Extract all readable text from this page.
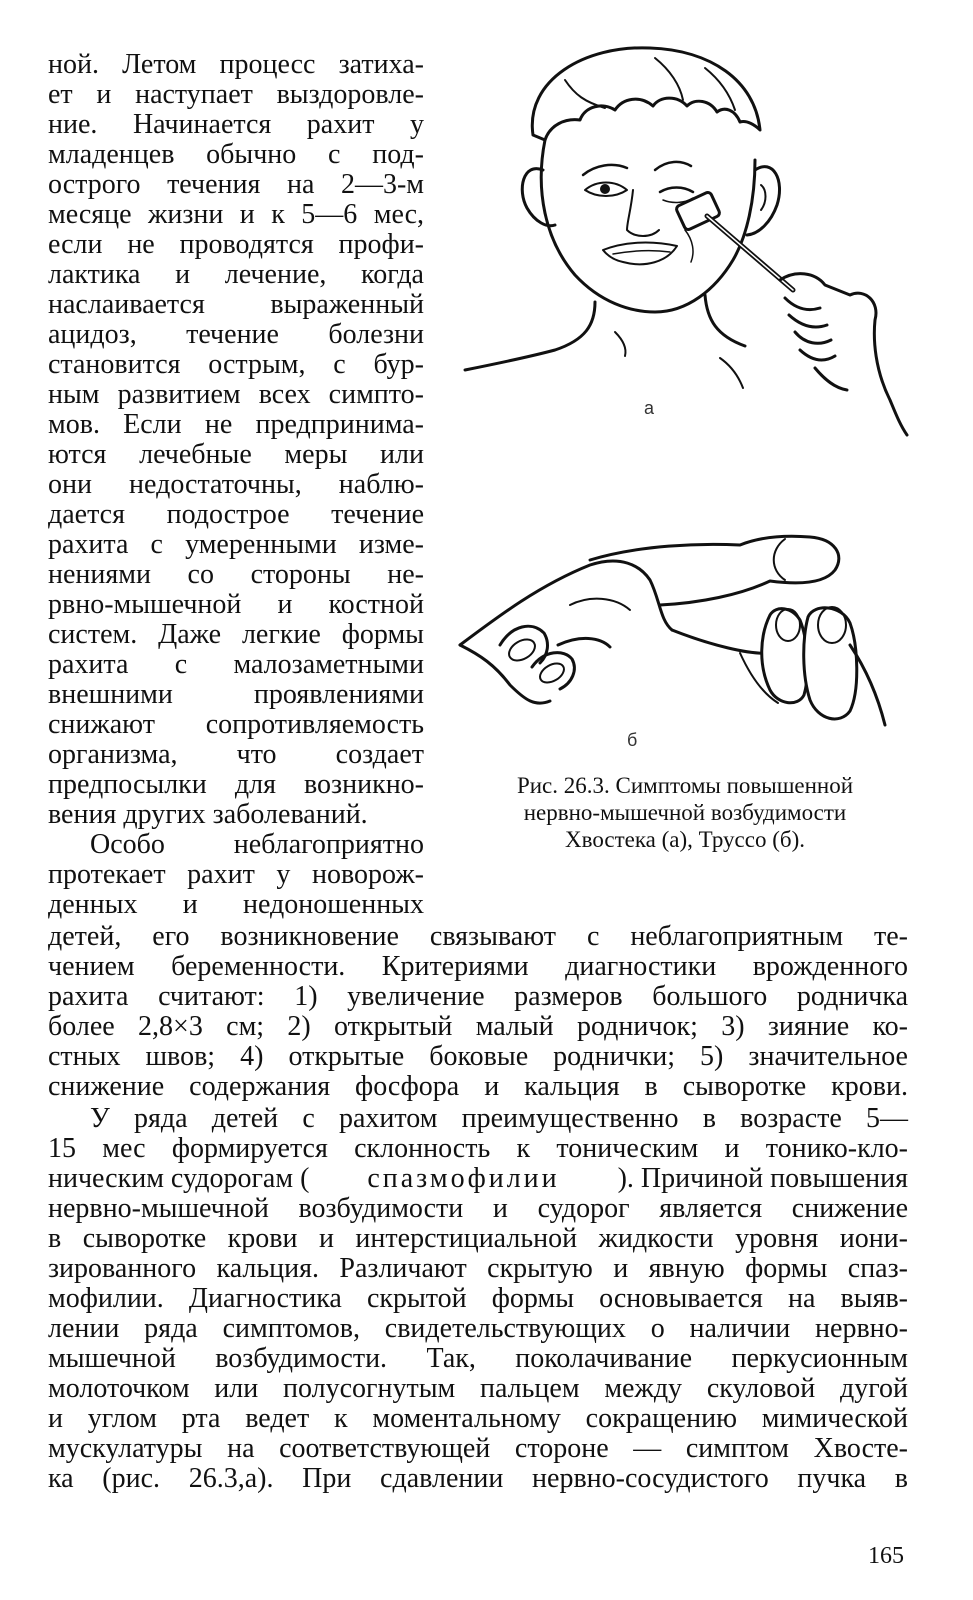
ной. Летом процесс затиха-
ет и наступает выздоровле-
ние. Начинается рахит у
младенцев обычно с под-
острого течения на 2—3-м
месяце жизни и к 5—6 мес,
если не проводятся профи-
лактика и лечение, когда
наслаивается выраженный
ацидоз, течение болезни
становится острым, с бур-
ным развитием всех симпто-
мов. Если не предпринима-
ются лечебные меры или
они недостаточны, наблю-
дается подострое течение
рахита с умеренными изме-
нениями со стороны не-
рвно-мышечной и костной
систем. Даже легкие формы
рахита с малозаметными
внешними проявлениями
снижают сопротивляемость
организма, что создает
предпосылки для возникно-
вения других заболеваний.
Особо неблагоприятно
протекает рахит у новорож-
денных и недоношенных
а
б
Рис. 26.3. Симптомы повышенной
нервно-мышечной возбудимости
Хвостека (а), Труссо (б).
детей, его возникновение связывают с неблагоприятным те-
чением беременности. Критериями диагностики врожденного
рахита считают: 1) увеличение размеров большого родничка
более 2,8×3 см; 2) открытый малый родничок; 3) зияние ко-
стных швов; 4) открытые боковые роднички; 5) значительное
снижение содержания фосфора и кальция в сыворотке крови.
У ряда детей с рахитом преимущественно в возрасте 5—
15 мес формируется склонность к тоническим и тонико-кло-
ническим судорогам ( спазмофилии ). Причиной повышения
нервно-мышечной возбудимости и судорог является снижение
в сыворотке крови и интерстициальной жидкости уровня иони-
зированного кальция. Различают скрытую и явную формы спаз-
мофилии. Диагностика скрытой формы основывается на выяв-
лении ряда симптомов, свидетельствующих о наличии нервно-
мышечной возбудимости. Так, поколачивание перкусионным
молоточком или полусогнутым пальцем между скуловой дугой
и углом рта ведет к моментальному сокращению мимической
мускулатуры на соответствующей стороне — симптом Хвосте-
ка (рис. 26.3,а). При сдавлении нервно-сосудистого пучка в
165
